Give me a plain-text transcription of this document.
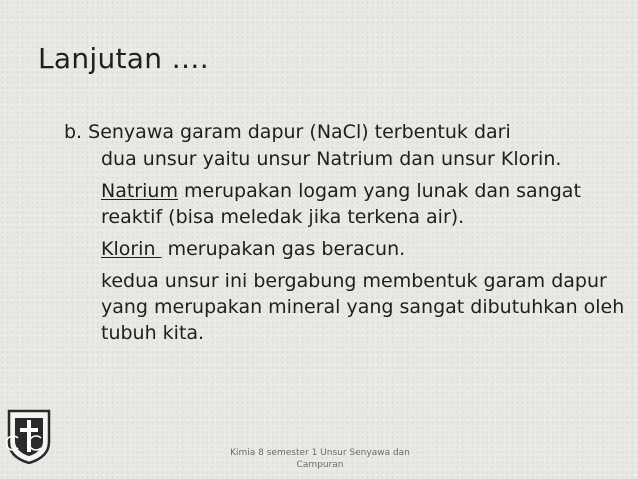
Lanjutan ….

b. Senyawa garam dapur (NaCl) terbentuk dari

dua unsur yaitu unsur Natrium dan unsur Klorin.

Natrium merupakan logam yang lunak dan sangat reaktif (bisa meledak jika terkena air).

Klorin  merupakan gas beracun.

kedua unsur ini bergabung membentuk garam dapur yang merupakan mineral yang sangat dibutuhkan oleh tubuh kita.

Kimia 8 semester 1 Unsur Senyawa dan Campuran
